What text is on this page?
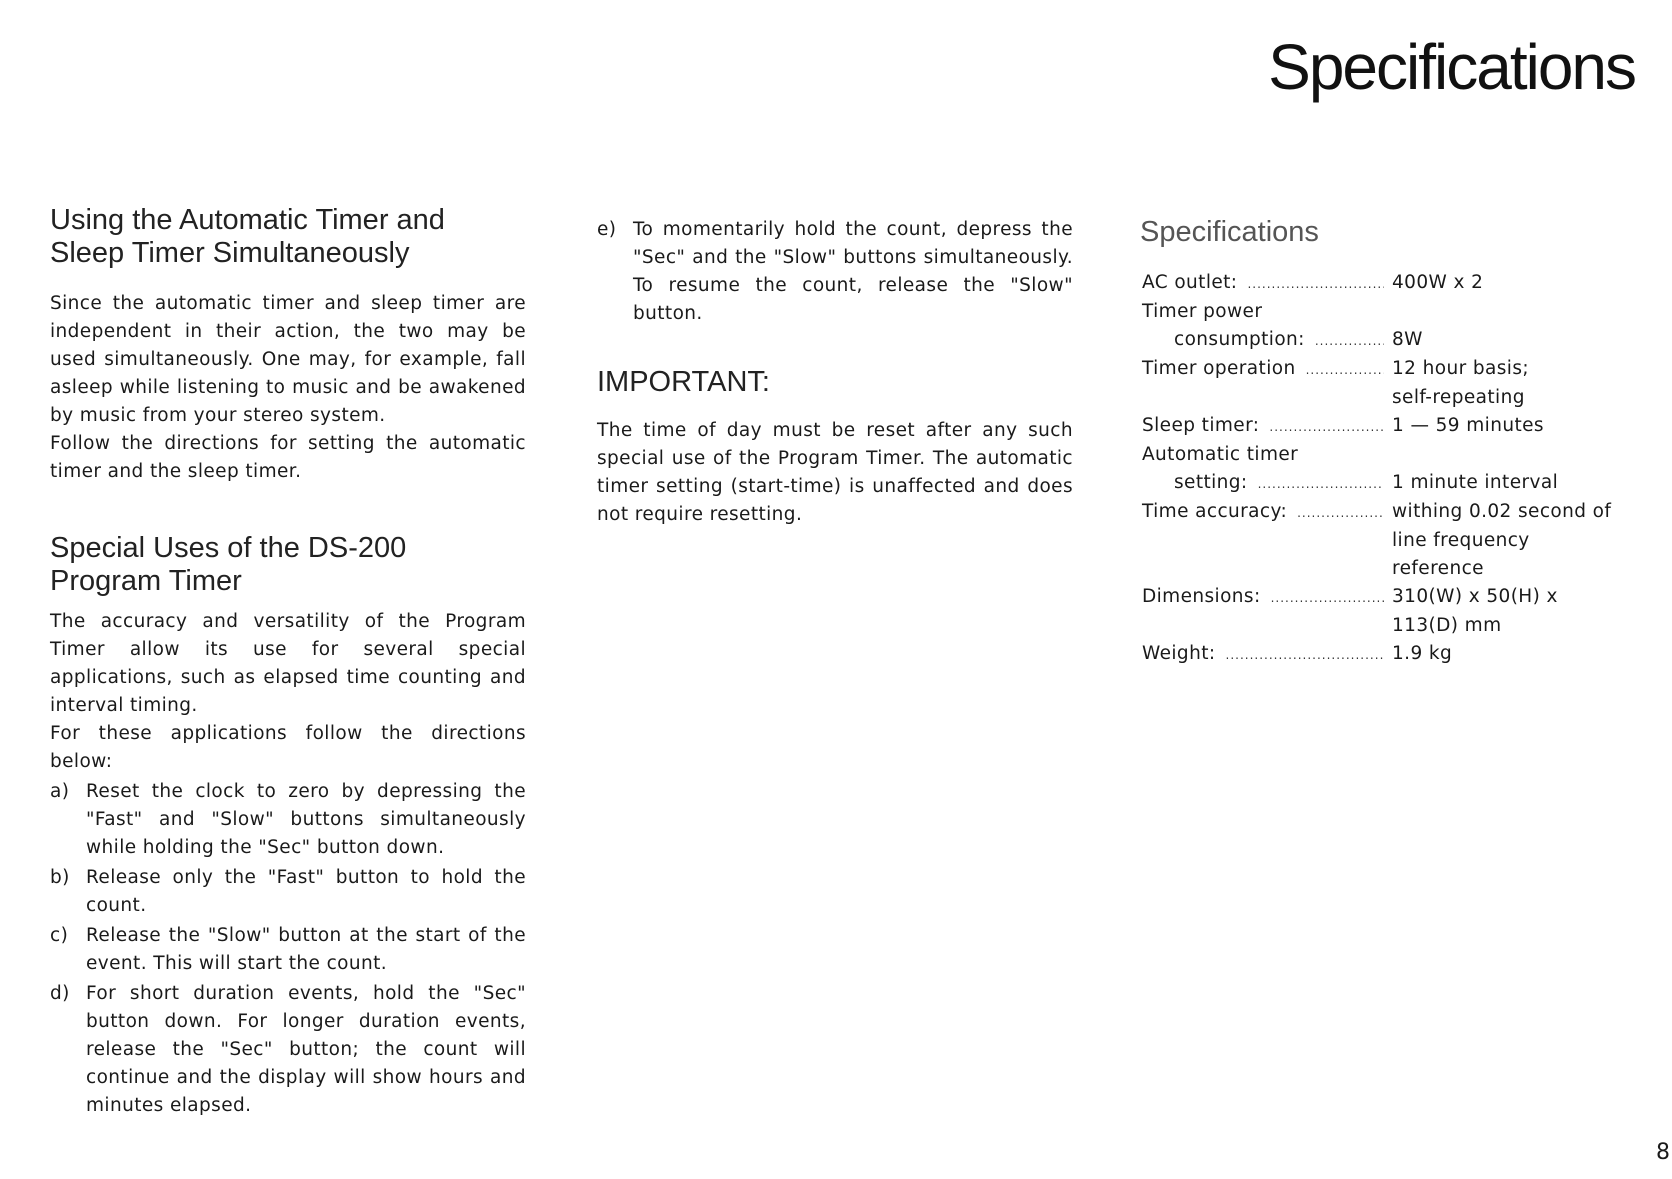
Specifications
Using the Automatic Timer and
Sleep Timer Simultaneously

Since the automatic timer and sleep timer are independent in their action, the two may be used simultaneously. One may, for example, fall asleep while listening to music and be awakened by music from your stereo system.

Follow the directions for setting the automatic timer and the sleep timer.

Special Uses of the DS-200
Program Timer

The accuracy and versatility of the Program Timer allow its use for several special applications, such as elapsed time counting and interval timing.

For these applications follow the directions below:

a) Reset the clock to zero by depressing the "Fast" and "Slow" buttons simultaneously while holding the "Sec" button down.
b) Release only the "Fast" button to hold the count.
c) Release the "Slow" button at the start of the event. This will start the count.
d) For short duration events, hold the "Sec" button down. For longer duration events, release the "Sec" button; the count will continue and the display will show hours and minutes elapsed.
e) To momentarily hold the count, depress the "Sec" and the "Slow" buttons simultaneously. To resume the count, release the "Slow" button.
IMPORTANT:

The time of day must be reset after any such special use of the Program Timer. The automatic timer setting (start-time) is unaffected and does not require resetting.

Specifications
AC outlet: .....	400W x 2
Timer power
consumption: .....	8W
Timer operation .....	12 hour basis;
self-repeating
Sleep timer: .....	1 — 59 minutes
Automatic timer
setting: .....	1 minute interval
Time accuracy: .....	withing 0.02 second of
line frequency
reference
Dimensions: .....	310(W) x 50(H) x
113(D) mm
Weight: .....	1.9 kg
8
